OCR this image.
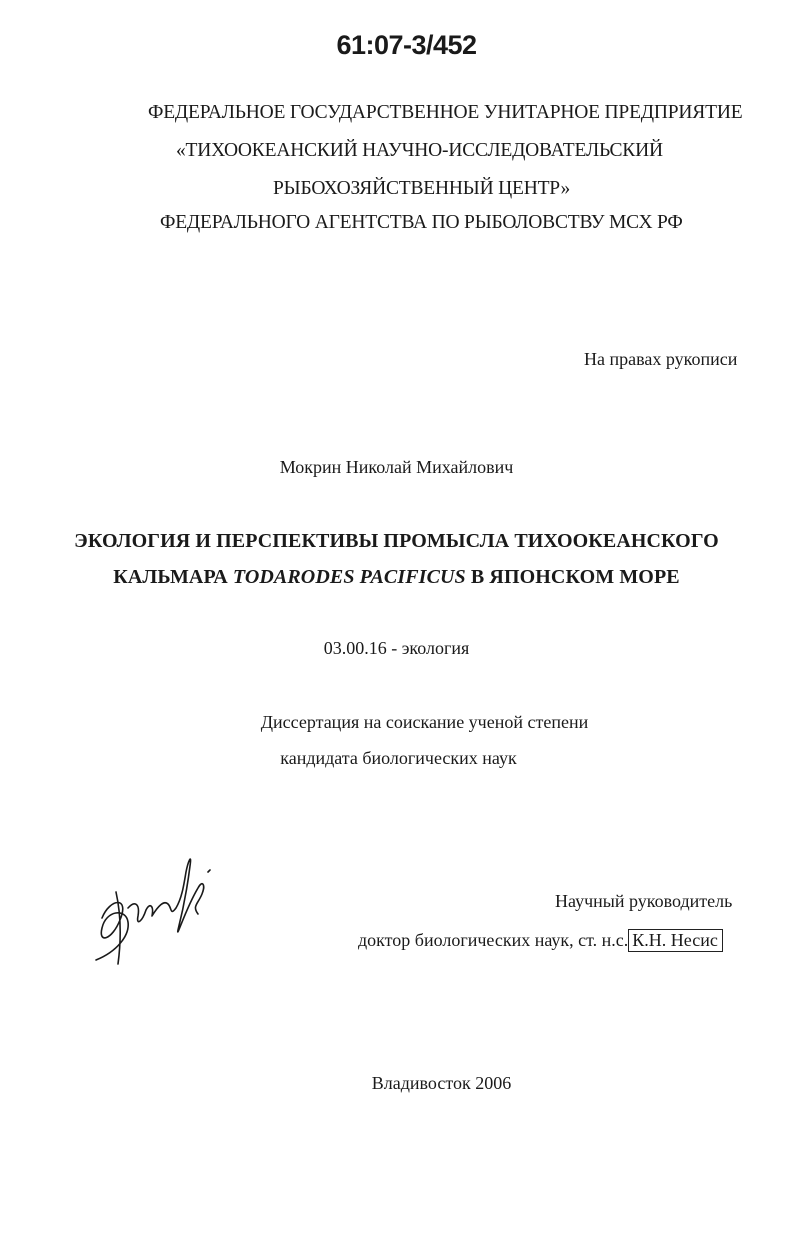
61:07-3/452
ФЕДЕРАЛЬНОЕ ГОСУДАРСТВЕННОЕ УНИТАРНОЕ ПРЕДПРИЯТИЕ
«ТИХООКЕАНСКИЙ НАУЧНО-ИССЛЕДОВАТЕЛЬСКИЙ
РЫБОХОЗЯЙСТВЕННЫЙ ЦЕНТР»
ФЕДЕРАЛЬНОГО АГЕНТСТВА ПО РЫБОЛОВСТВУ МСХ РФ
На правах рукописи
Мокрин Николай Михайлович
ЭКОЛОГИЯ И ПЕРСПЕКТИВЫ ПРОМЫСЛА ТИХООКЕАНСКОГО
КАЛЬМАРА TODARODES PACIFICUS В ЯПОНСКОМ МОРЕ
03.00.16 - экология
Диссертация на соискание ученой степени
кандидата биологических наук
Научный руководитель
доктор биологических наук, ст. н.с. К.Н. Несис
Владивосток 2006
